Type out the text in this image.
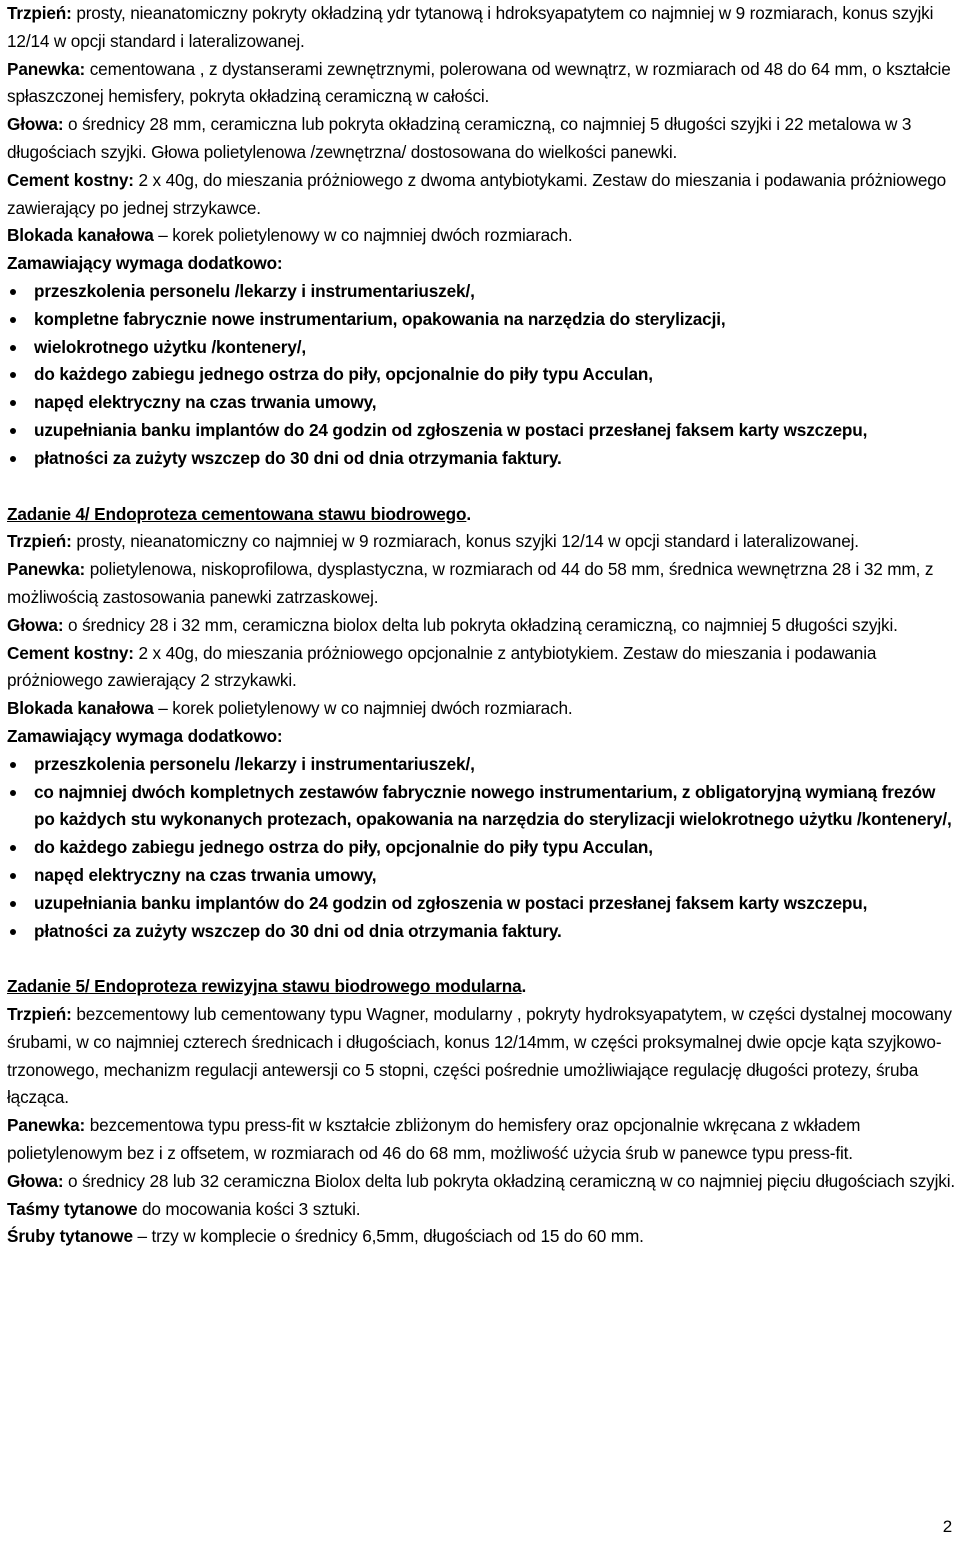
Trzpień: prosty, nieanatomiczny pokryty okładziną ydr tytanową i hdroksyapatytem co najmniej w 9 rozmiarach, konus szyjki 12/14 w opcji standard i lateralizowanej.

Panewka: cementowana , z dystanserami zewnętrznymi, polerowana od wewnątrz, w rozmiarach od 48 do 64 mm, o kształcie spłaszczonej hemisfery, pokryta okładziną ceramiczną w całości.

Głowa: o średnicy 28 mm, ceramiczna lub pokryta okładziną ceramiczną, co najmniej 5 długości szyjki i 22 metalowa w 3 długościach szyjki. Głowa polietylenowa /zewnętrzna/ dostosowana do wielkości panewki.

Cement kostny: 2 x 40g, do mieszania próżniowego z dwoma antybiotykami. Zestaw do mieszania i podawania próżniowego zawierający po jednej strzykawce.

Blokada kanałowa – korek polietylenowy w co najmniej dwóch rozmiarach.

Zamawiający wymaga dodatkowo:

przeszkolenia personelu /lekarzy i instrumentariuszek/,
kompletne fabrycznie nowe instrumentarium, opakowania na narzędzia do sterylizacji,
wielokrotnego użytku /kontenery/,
do każdego zabiegu jednego ostrza do piły, opcjonalnie do piły typu Acculan,
napęd elektryczny na czas trwania umowy,
uzupełniania banku implantów do 24 godzin od zgłoszenia w postaci przesłanej faksem karty wszczepu,
płatności za zużyty wszczep do 30 dni od dnia otrzymania faktury.

Zadanie 4/ Endoproteza cementowana stawu biodrowego.

Trzpień: prosty, nieanatomiczny co najmniej w 9 rozmiarach, konus szyjki 12/14 w opcji standard i lateralizowanej.

Panewka: polietylenowa, niskoprofilowa, dysplastyczna, w rozmiarach od 44 do 58 mm, średnica wewnętrzna 28 i 32 mm, z możliwością zastosowania panewki zatrzaskowej.

Głowa: o średnicy 28 i 32 mm, ceramiczna biolox delta lub pokryta okładziną ceramiczną, co najmniej 5 długości szyjki.

Cement kostny: 2 x 40g, do mieszania próżniowego opcjonalnie z antybiotykiem. Zestaw do mieszania i podawania próżniowego zawierający 2 strzykawki.

Blokada kanałowa – korek polietylenowy w co najmniej dwóch rozmiarach.

Zamawiający wymaga dodatkowo:

przeszkolenia personelu /lekarzy i instrumentariuszek/,
co najmniej dwóch kompletnych zestawów fabrycznie nowego instrumentarium, z obligatoryjną wymianą frezów po każdych stu wykonanych protezach, opakowania na narzędzia do sterylizacji wielokrotnego użytku /kontenery/,
do każdego zabiegu jednego ostrza do piły, opcjonalnie do piły typu Acculan,
napęd elektryczny na czas trwania umowy,
uzupełniania banku implantów do 24 godzin od zgłoszenia w postaci przesłanej faksem karty wszczepu,
płatności za zużyty wszczep do 30 dni od dnia otrzymania faktury.

Zadanie 5/ Endoproteza rewizyjna stawu biodrowego modularna.

Trzpień: bezcementowy lub cementowany typu Wagner, modularny , pokryty hydroksyapatytem, w części dystalnej mocowany śrubami, w co najmniej czterech średnicach i długościach, konus 12/14mm, w części proksymalnej dwie opcje kąta szyjkowo-trzonowego, mechanizm regulacji antewersji co 5 stopni, części pośrednie umożliwiające regulację długości protezy, śruba łącząca.

Panewka: bezcementowa typu press-fit w kształcie zbliżonym do hemisfery oraz opcjonalnie wkręcana z wkładem polietylenowym bez i z offsetem, w rozmiarach od 46 do 68 mm, możliwość użycia śrub w panewce typu press-fit.

Głowa: o średnicy 28 lub 32 ceramiczna Biolox delta lub pokryta okładziną ceramiczną w co najmniej pięciu długościach szyjki.

Taśmy tytanowe do mocowania kości 3 sztuki.

Śruby tytanowe – trzy w komplecie o średnicy 6,5mm, długościach od 15 do 60 mm.

2
